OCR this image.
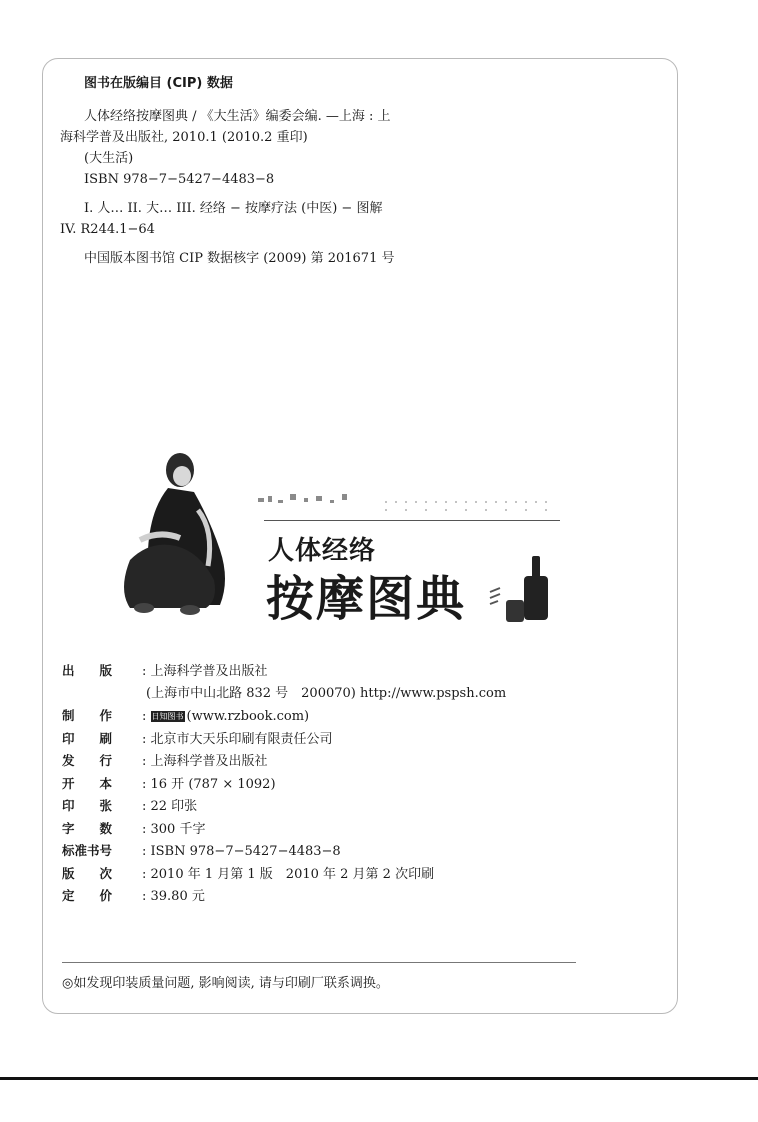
图书在版编目 (CIP) 数据
人体经络按摩图典 / 《大生活》编委会编. —上海 : 上
海科学普及出版社, 2010.1 (2010.2 重印)
(大生活)
ISBN 978−7−5427−4483−8
I. 人… II. 大… III. 经络 − 按摩疗法 (中医) − 图解
IV. R244.1−64
中国版本图书馆 CIP 数据核字 (2009) 第 201671 号
人体经络
按摩图典
出　　版 : 上海科学普及出版社
(上海市中山北路 832 号　200070) http://www.pspsh.com
制　　作 : 日知图书 (www.rzbook.com)
印　　刷 : 北京市大天乐印刷有限责任公司
发　　行 : 上海科学普及出版社
开　　本 : 16 开 (787 × 1092)
印　　张 : 22 印张
字　　数 : 300 千字
标准书号 : ISBN 978−7−5427−4483−8
版　　次 : 2010 年 1 月第 1 版　2010 年 2 月第 2 次印刷
定　　价 : 39.80 元
◎如发现印装质量问题, 影响阅读, 请与印刷厂联系调换。
